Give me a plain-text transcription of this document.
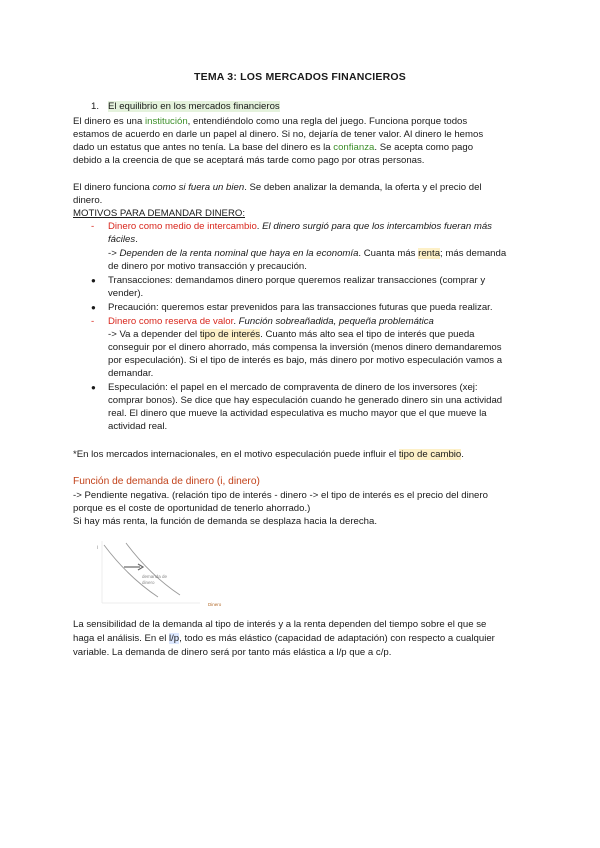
TEMA 3: LOS MERCADOS FINANCIEROS
1. El equilibrio en los mercados financieros
El dinero es una institución, entendiéndolo como una regla del juego. Funciona porque todos
estamos de acuerdo en darle un papel al dinero. Si no, dejaría de tener valor. Al dinero le hemos
dado un estatus que antes no tenía. La base del dinero es la confianza. Se acepta como pago
debido a la creencia de que se aceptará más tarde como pago por otras personas.
El dinero funciona como si fuera un bien. Se deben analizar la demanda, la oferta y el precio del
dinero.
MOTIVOS PARA DEMANDAR DINERO:
- Dinero como medio de intercambio. El dinero surgió para que los intercambios fueran más
fáciles.
-> Dependen de la renta nominal que haya en la economía. Cuanta más renta; más demanda
de dinero por motivo transacción y precaución.
● Transacciones: demandamos dinero porque queremos realizar transacciones (comprar y
vender).
● Precaución: queremos estar prevenidos para las transacciones futuras que pueda realizar.
- Dinero como reserva de valor. Función sobreañadida, pequeña problemática
-> Va a depender del tipo de interés. Cuanto más alto sea el tipo de interés que pueda
conseguir por el dinero ahorrado, más compensa la inversión (menos dinero demandaremos
por especulación). Si el tipo de interés es bajo, más dinero por motivo especulación vamos a
demandar.
● Especulación: el papel en el mercado de compraventa de dinero de los inversores (xej:
comprar bonos). Se dice que hay especulación cuando he generado dinero sin una actividad
real. El dinero que mueve la actividad especulativa es mucho mayor que el que mueve la
actividad real.
*En los mercados internacionales, en el motivo especulación puede influir el tipo de cambio.
Función de demanda de dinero (i, dinero)
-> Pendiente negativa. (relación tipo de interés - dinero -> el tipo de interés es el precio del dinero
porque es el coste de oportunidad de tenerlo ahorrado.)
Si hay más renta, la función de demanda se desplaza hacia la derecha.
i
demanda de
dinero
Dinero
La sensibilidad de la demanda al tipo de interés y a la renta dependen del tiempo sobre el que se
haga el análisis. En el l/p, todo es más elástico (capacidad de adaptación) con respecto a cualquier
variable. La demanda de dinero será por tanto más elástica a l/p que a c/p.
